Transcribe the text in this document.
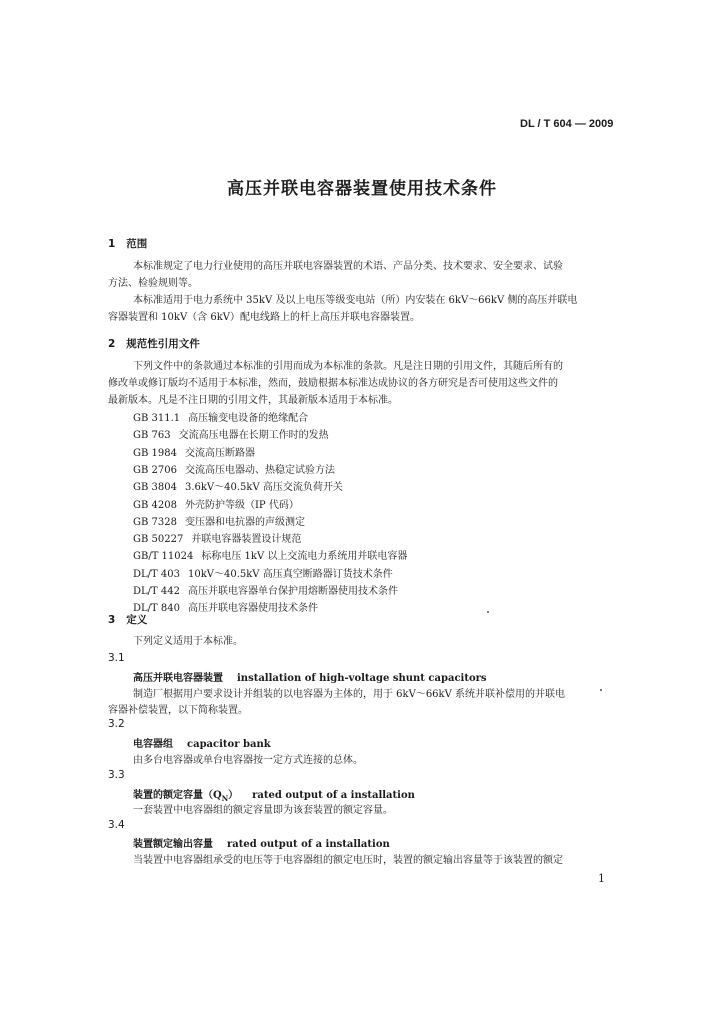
DL / T 604 — 2009
高压并联电容器装置使用技术条件
1 范围
本标准规定了电力行业使用的高压并联电容器装置的术语、产品分类、技术要求、安全要求、试验
方法、检验规则等。
本标准适用于电力系统中 35kV 及以上电压等级变电站（所）内安装在 6kV～66kV 侧的高压并联电
容器装置和 10kV（含 6kV）配电线路上的杆上高压并联电容器装置。
2 规范性引用文件
下列文件中的条款通过本标准的引用而成为本标准的条款。凡是注日期的引用文件，其随后所有的
修改单或修订版均不适用于本标准，然而，鼓励根据本标准达成协议的各方研究是否可使用这些文件的
最新版本。凡是不注日期的引用文件，其最新版本适用于本标准。
GB 311.1 高压输变电设备的绝缘配合
GB 763 交流高压电器在长期工作时的发热
GB 1984 交流高压断路器
GB 2706 交流高压电器动、热稳定试验方法
GB 3804 3.6kV～40.5kV 高压交流负荷开关
GB 4208 外壳防护等级（IP 代码）
GB 7328 变压器和电抗器的声级测定
GB 50227 并联电容器装置设计规范
GB/T 11024 标称电压 1kV 以上交流电力系统用并联电容器
DL/T 403 10kV～40.5kV 高压真空断路器订货技术条件
DL/T 442 高压并联电容器单台保护用熔断器使用技术条件
DL/T 840 高压并联电容器使用技术条件
3 定义
下列定义适用于本标准。
3.1
高压并联电容器装置 installation of high-voltage shunt capacitors
制造厂根据用户要求设计并组装的以电容器为主体的，用于 6kV～66kV 系统并联补偿用的并联电
容器补偿装置，以下简称装置。
3.2
电容器组 capacitor bank
由多台电容器或单台电容器按一定方式连接的总体。
3.3
装置的额定容量$(Q_N)$ rated output of a installation
一套装置中电容器组的额定容量即为该套装置的额定容量。
3.4
装置额定输出容量 rated output of a installation
当装置中电容器组承受的电压等于电容器组的额定电压时，装置的额定输出容量等于该装置的额定
1
